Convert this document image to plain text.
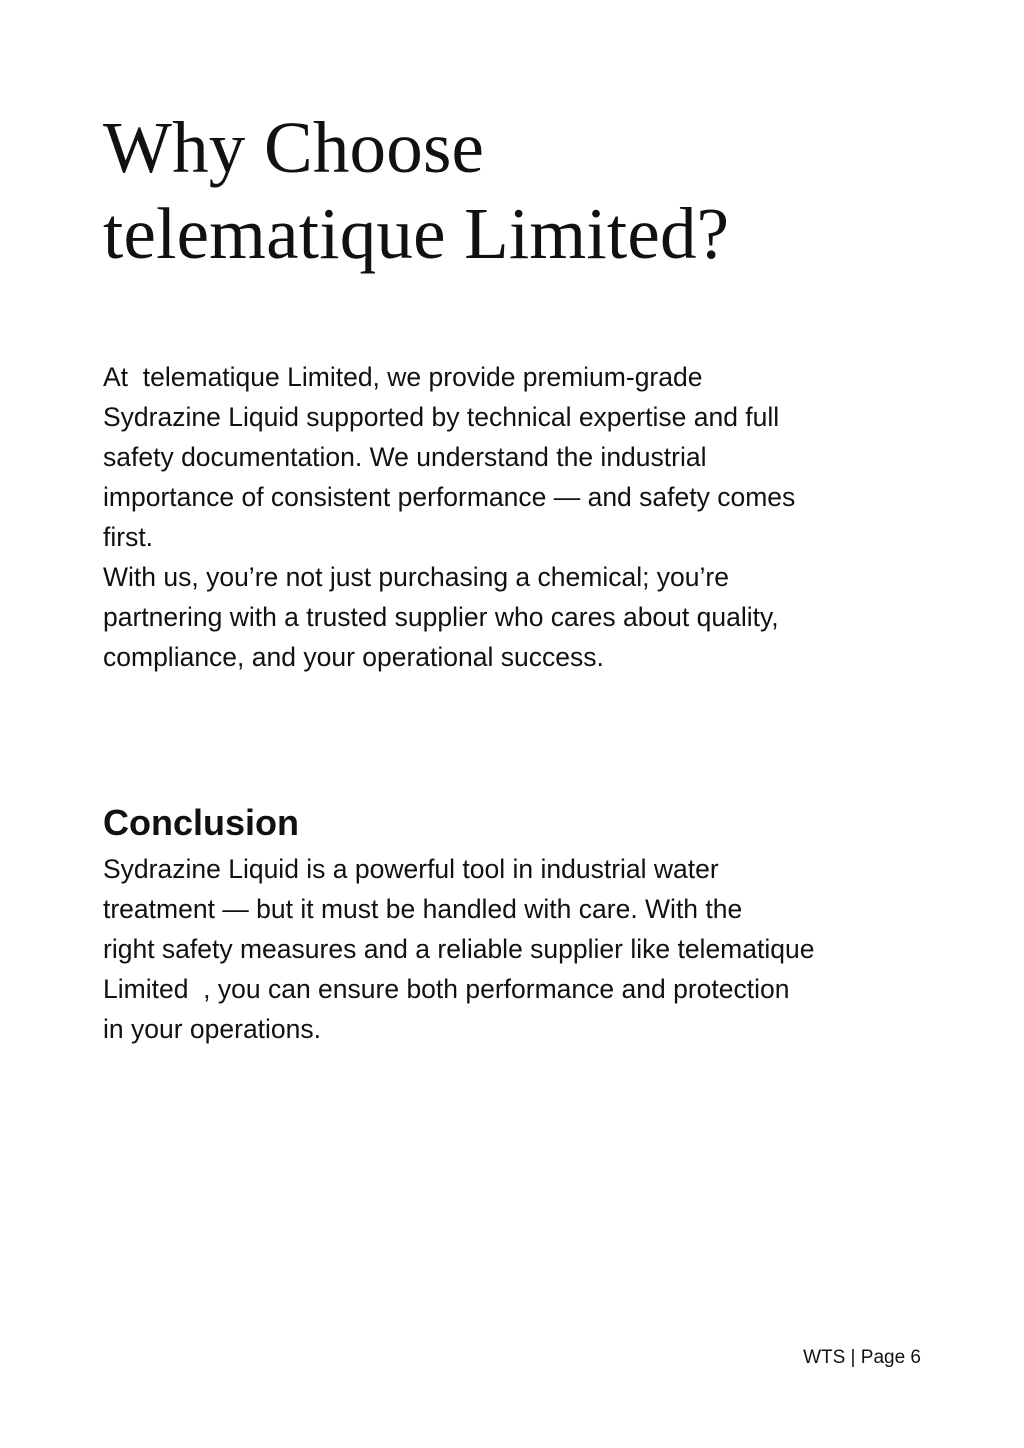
Why Choose
telematique Limited?
At  telematique Limited, we provide premium-grade
Sydrazine Liquid supported by technical expertise and full
safety documentation. We understand the industrial
importance of consistent performance — and safety comes
first.
With us, you’re not just purchasing a chemical; you’re
partnering with a trusted supplier who cares about quality,
compliance, and your operational success.
Conclusion
Sydrazine Liquid is a powerful tool in industrial water
treatment — but it must be handled with care. With the
right safety measures and a reliable supplier like telematique
Limited  , you can ensure both performance and protection
in your operations.
WTS | Page 6
